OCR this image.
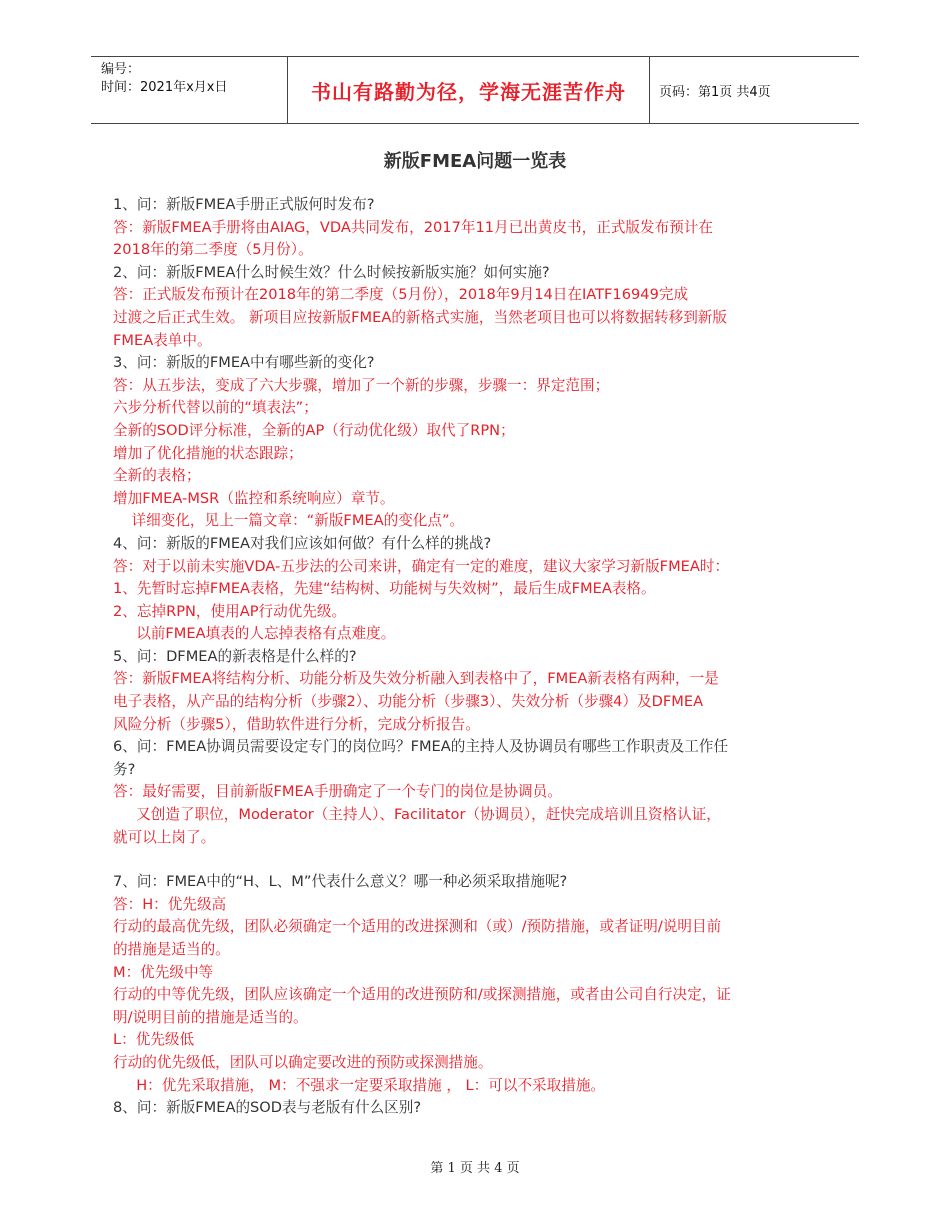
编号：
时间：2021年x月x日	书山有路勤为径，学海无涯苦作舟	页码：第1页 共4页
新版FMEA问题一览表
1、问：新版FMEA手册正式版何时发布?
答：新版FMEA手册将由AIAG，VDA共同发布，2017年11月已出黄皮书，正式版发布预计在
2018年的第二季度（5月份）。
2、问：新版FMEA什么时候生效？什么时候按新版实施？如何实施?
答：正式版发布预计在2018年的第二季度（5月份），2018年9月14日在IATF16949完成
过渡之后正式生效。 新项目应按新版FMEA的新格式实施，当然老项目也可以将数据转移到新版
FMEA表单中。
3、问：新版的FMEA中有哪些新的变化?
答：从五步法，变成了六大步骤，增加了一个新的步骤，步骤一：界定范围；
六步分析代替以前的“填表法”；
全新的SOD评分标准，全新的AP（行动优化级）取代了RPN；
增加了优化措施的状态跟踪；
全新的表格；
增加FMEA-MSR（监控和系统响应）章节。
详细变化，见上一篇文章：“新版FMEA的变化点”。
4、问：新版的FMEA对我们应该如何做？有什么样的挑战?
答：对于以前未实施VDA-五步法的公司来讲，确定有一定的难度，建议大家学习新版FMEA时：
1、先暂时忘掉FMEA表格，先建“结构树、功能树与失效树”，最后生成FMEA表格。
2、忘掉RPN，使用AP行动优先级。
以前FMEA填表的人忘掉表格有点难度。
5、问：DFMEA的新表格是什么样的?
答：新版FMEA将结构分析、功能分析及失效分析融入到表格中了，FMEA新表格有两种，一是
电子表格，从产品的结构分析（步骤2）、功能分析（步骤3）、失效分析（步骤4）及DFMEA
风险分析（步骤5），借助软件进行分析，完成分析报告。
6、问：FMEA协调员需要设定专门的岗位吗？FMEA的主持人及协调员有哪些工作职责及工作任
务?
答：最好需要，目前新版FMEA手册确定了一个专门的岗位是协调员。
又创造了职位，Moderator（主持人）、Facilitator（协调员），赶快完成培训且资格认证，
就可以上岗了。
7、问：FMEA中的“H、L、M”代表什么意义？哪一种必须采取措施呢?
答：H：优先级高
行动的最高优先级，团队必须确定一个适用的改进探测和（或）/预防措施，或者证明/说明目前
的措施是适当的。
M：优先级中等
行动的中等优先级，团队应该确定一个适用的改进预防和/或探测措施，或者由公司自行决定，证
明/说明目前的措施是适当的。
L：优先级低
行动的优先级低，团队可以确定要改进的预防或探测措施。
H：优先采取措施， M：不强求一定要采取措施 ， L：可以不采取措施。
8、问：新版FMEA的SOD表与老版有什么区别?
第 1 页 共 4 页
